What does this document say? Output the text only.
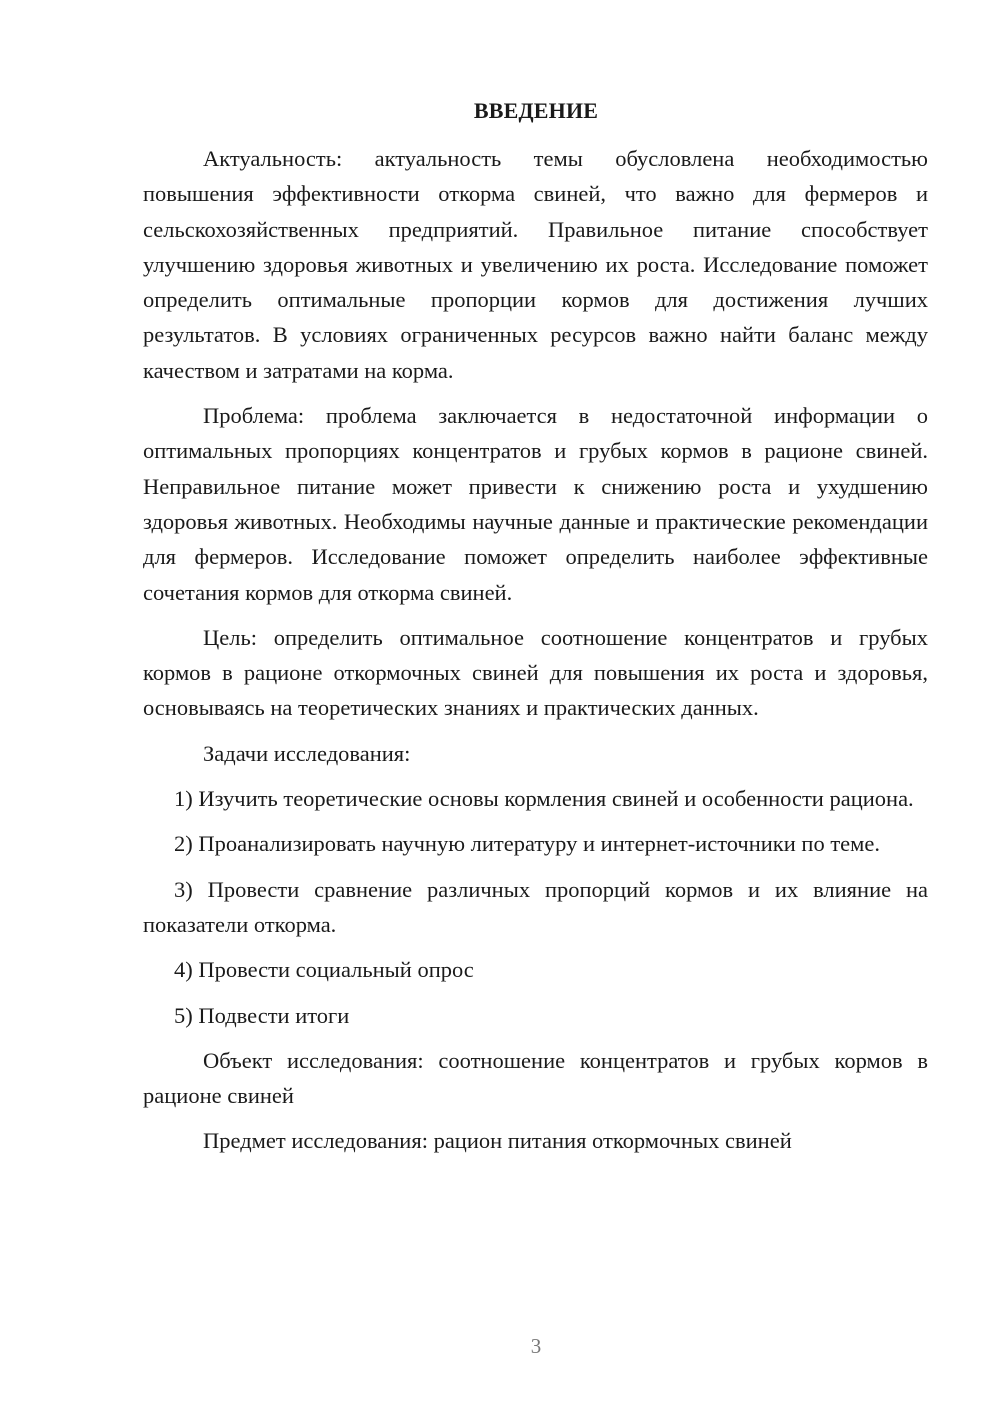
ВВЕДЕНИЕ

Актуальность: актуальность темы обусловлена необходимостью повышения эффективности откорма свиней, что важно для фермеров и сельскохозяйственных предприятий. Правильное питание способствует улучшению здоровья животных и увеличению их роста. Исследование поможет определить оптимальные пропорции кормов для достижения лучших результатов. В условиях ограниченных ресурсов важно найти баланс между качеством и затратами на корма.

Проблема: проблема заключается в недостаточной информации о оптимальных пропорциях концентратов и грубых кормов в рационе свиней. Неправильное питание может привести к снижению роста и ухудшению здоровья животных. Необходимы научные данные и практические рекомендации для фермеров. Исследование поможет определить наиболее эффективные сочетания кормов для откорма свиней.

Цель: определить оптимальное соотношение концентратов и грубых кормов в рационе откормочных свиней для повышения их роста и здоровья, основываясь на теоретических знаниях и практических данных.

Задачи исследования:

1) Изучить теоретические основы кормления свиней и особенности рациона.

2) Проанализировать научную литературу и интернет-источники по теме.

3) Провести сравнение различных пропорций кормов и их влияние на показатели откорма.

4) Провести социальный опрос

5) Подвести итоги

Объект исследования: соотношение концентратов и грубых кормов в рационе свиней

Предмет исследования: рацион питания откормочных свиней

3
